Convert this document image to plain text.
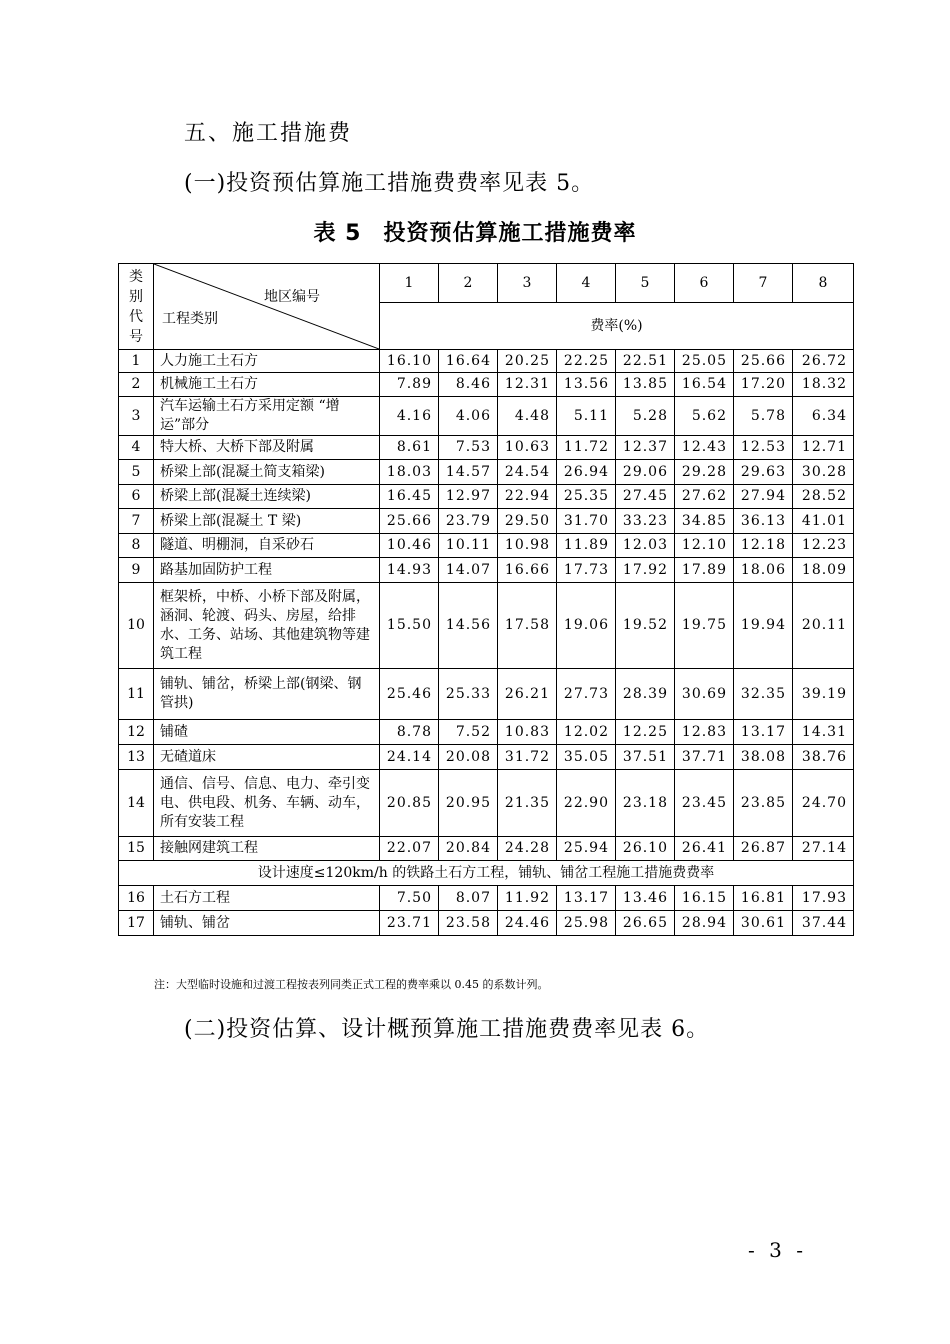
五、施工措施费
(一)投资预估算施工措施费费率见表 5。
表 5 投资预估算施工措施费率
类
别
代
号	地区编号
工程类别	1	2	3	4	5	6	7	8
		费率(%)							
1	人力施工土石方	16.10	16.64	20.25	22.25	22.51	25.05	25.66	26.72
2	机械施工土石方	7.89	8.46	12.31	13.56	13.85	16.54	17.20	18.32
3	汽车运输土石方采用定额 “增运”部分	4.16	4.06	4.48	5.11	5.28	5.62	5.78	6.34
4	特大桥、大桥下部及附属	8.61	7.53	10.63	11.72	12.37	12.43	12.53	12.71
5	桥梁上部(混凝土简支箱梁)	18.03	14.57	24.54	26.94	29.06	29.28	29.63	30.28
6	桥梁上部(混凝土连续梁)	16.45	12.97	22.94	25.35	27.45	27.62	27.94	28.52
7	桥梁上部(混凝土 T 梁)	25.66	23.79	29.50	31.70	33.23	34.85	36.13	41.01
8	隧道、明棚洞，自采砂石	10.46	10.11	10.98	11.89	12.03	12.10	12.18	12.23
9	路基加固防护工程	14.93	14.07	16.66	17.73	17.92	17.89	18.06	18.09
10	框架桥，中桥、小桥下部及附属，涵洞、轮渡、码头、房屋，给排水、工务、站场、其他建筑物等建筑工程	15.50	14.56	17.58	19.06	19.52	19.75	19.94	20.11
11	铺轨、铺岔，桥梁上部(钢梁、钢管拱)	25.46	25.33	26.21	27.73	28.39	30.69	32.35	39.19
12	铺碴	8.78	7.52	10.83	12.02	12.25	12.83	13.17	14.31
13	无碴道床	24.14	20.08	31.72	35.05	37.51	37.71	38.08	38.76
14	通信、信号、信息、电力、牵引变电、供电段、机务、车辆、动车，所有安装工程	20.85	20.95	21.35	22.90	23.18	23.45	23.85	24.70
15	接触网建筑工程	22.07	20.84	24.28	25.94	26.10	26.41	26.87	27.14
设计速度≤120km/h 的铁路土石方工程，铺轨、铺岔工程施工措施费费率									
16	土石方工程	7.50	8.07	11.92	13.17	13.46	16.15	16.81	17.93
17	铺轨、铺岔	23.71	23.58	24.46	25.98	26.65	28.94	30.61	37.44
注：大型临时设施和过渡工程按表列同类正式工程的费率乘以 0.45 的系数计列。
(二)投资估算、设计概预算施工措施费费率见表 6。
- 3 -
